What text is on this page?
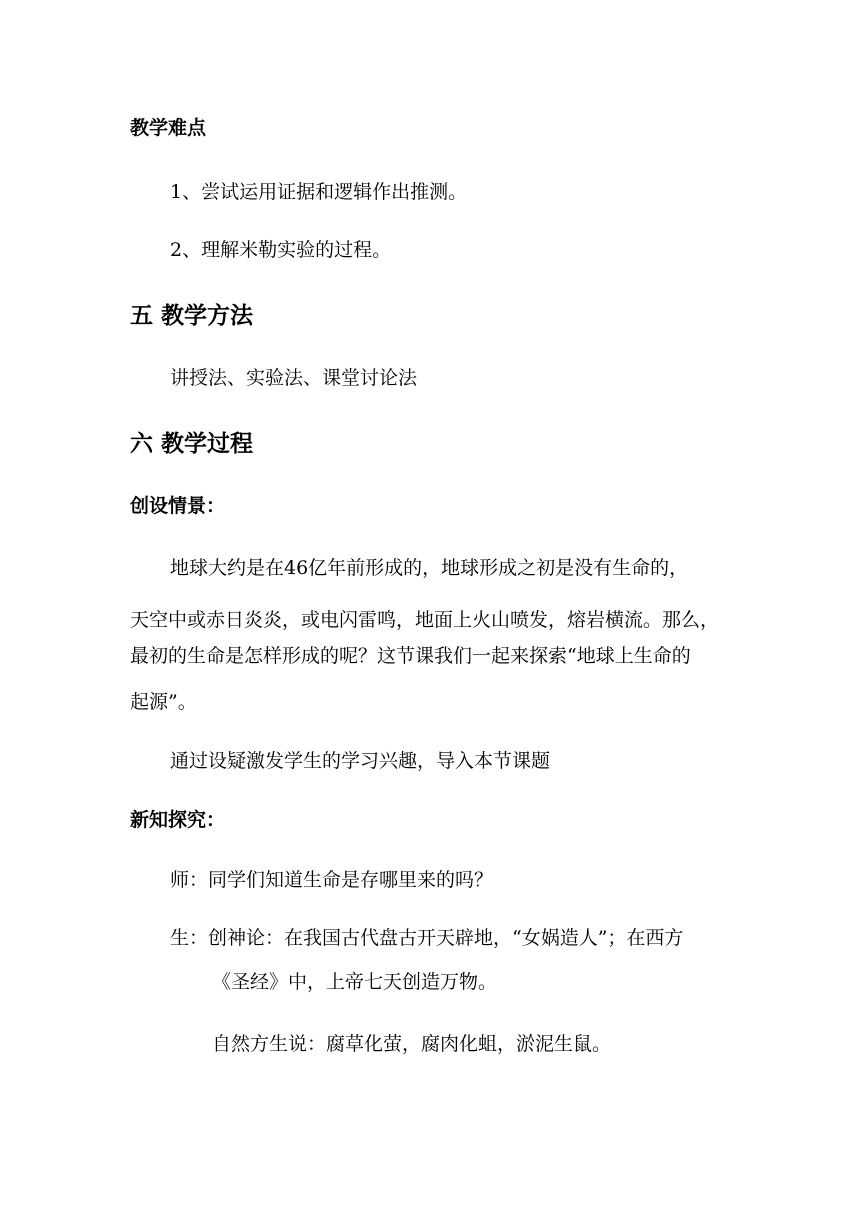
教学难点
1、尝试运用证据和逻辑作出推测。
2、理解米勒实验的过程。
五 教学方法
讲授法、实验法、课堂讨论法
六 教学过程
创设情景：
地球大约是在46亿年前形成的，地球形成之初是没有生命的，
天空中或赤日炎炎，或电闪雷鸣，地面上火山喷发，熔岩横流。那么，
最初的生命是怎样形成的呢？这节课我们一起来探索“地球上生命的
起源”。
通过设疑激发学生的学习兴趣，导入本节课题
新知探究：
师：同学们知道生命是存哪里来的吗？
生：创神论：在我国古代盘古开天辟地，“女娲造人”；在西方
《圣经》中，上帝七天创造万物。
自然方生说：腐草化萤，腐肉化蛆，淤泥生鼠。
